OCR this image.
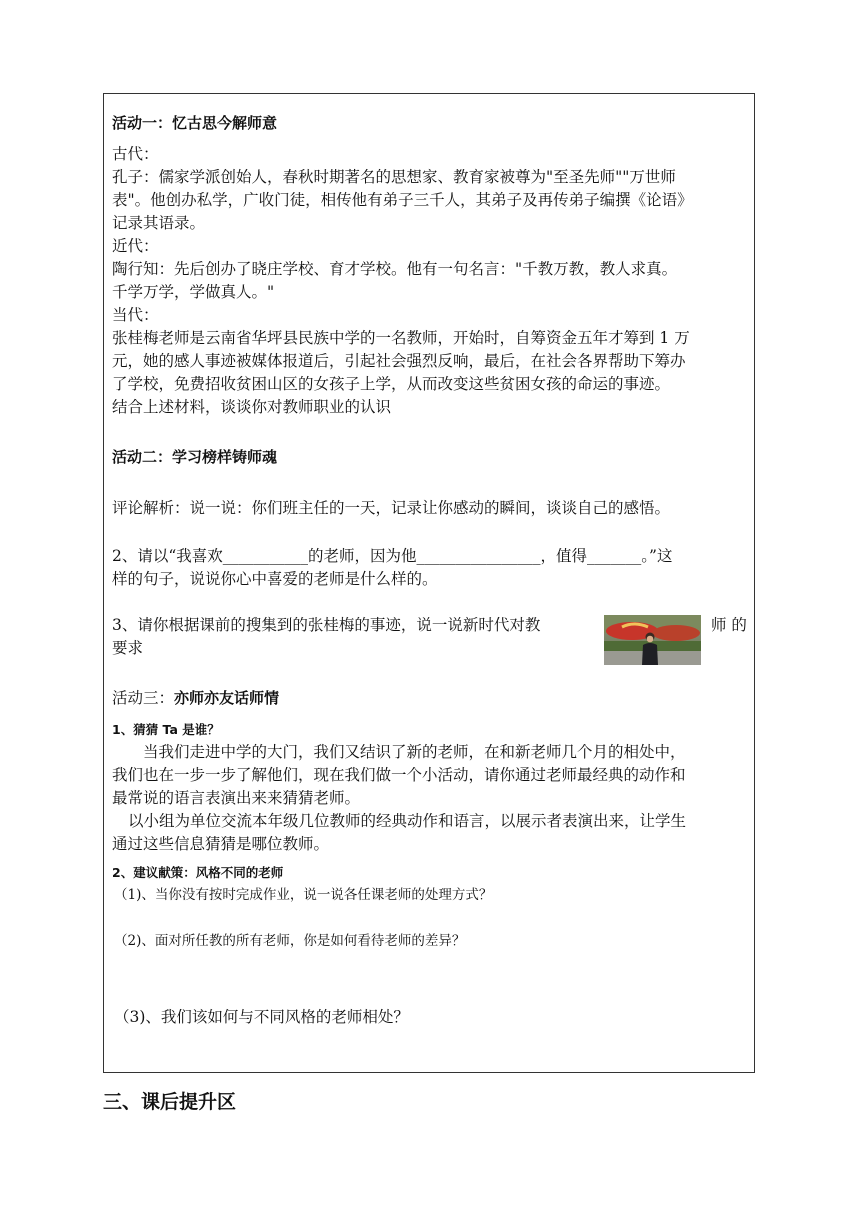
活动一：忆古思今解师意
古代：
孔子：儒家学派创始人，春秋时期著名的思想家、教育家被尊为"至圣先师""万世师
表"。他创办私学，广收门徒，相传他有弟子三千人，其弟子及再传弟子编撰《论语》
记录其语录。
近代：
陶行知：先后创办了晓庄学校、育才学校。他有一句名言："千教万教，教人求真。
千学万学，学做真人。"
当代：
张桂梅老师是云南省华坪县民族中学的一名教师，开始时，自筹资金五年才筹到 1 万
元，她的感人事迹被媒体报道后，引起社会强烈反响，最后，在社会各界帮助下筹办
了学校，免费招收贫困山区的女孩子上学，从而改变这些贫困女孩的命运的事迹。
结合上述材料，谈谈你对教师职业的认识
活动二：学习榜样铸师魂
评论解析：说一说：你们班主任的一天，记录让你感动的瞬间，谈谈自己的感悟。
2、请以“我喜欢___________的老师，因为他________________，值得_______。”这
样的句子，说说你心中喜爱的老师是什么样的。
3、请你根据课前的搜集到的张桂梅的事迹，说一说新时代对教	师 的
要求
活动三：亦师亦友话师情
1、猜猜 Ta 是谁？
当我们走进中学的大门，我们又结识了新的老师，在和新老师几个月的相处中，
我们也在一步一步了解他们，现在我们做一个小活动，请你通过老师最经典的动作和
最常说的语言表演出来来猜猜老师。
以小组为单位交流本年级几位教师的经典动作和语言，以展示者表演出来，让学生
通过这些信息猜猜是哪位教师。
2、建议献策：风格不同的老师
（1)、当你没有按时完成作业，说一说各任课老师的处理方式？
（2)、面对所任教的所有老师，你是如何看待老师的差异？
（3)、我们该如何与不同风格的老师相处？
三、课后提升区
